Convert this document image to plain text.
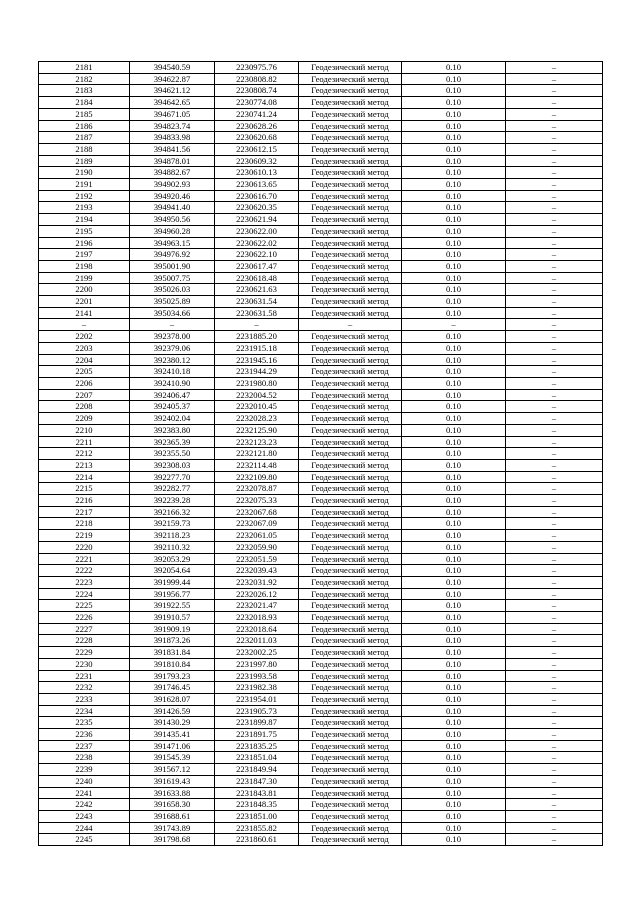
2181	394540.59	2230975.76	Геодезический метод	0.10	–
2182	394622.87	2230808.82	Геодезический метод	0.10	–
2183	394621.12	2230808.74	Геодезический метод	0.10	–
2184	394642.65	2230774.08	Геодезический метод	0.10	–
2185	394671.05	2230741.24	Геодезический метод	0.10	–
2186	394823.74	2230628.26	Геодезический метод	0.10	–
2187	394833.98	2230620.68	Геодезический метод	0.10	–
2188	394841.56	2230612.15	Геодезический метод	0.10	–
2189	394878.01	2230609.32	Геодезический метод	0.10	–
2190	394882.67	2230610.13	Геодезический метод	0.10	–
2191	394902.93	2230613.65	Геодезический метод	0.10	–
2192	394920.46	2230616.70	Геодезический метод	0.10	–
2193	394941.40	2230620.35	Геодезический метод	0.10	–
2194	394950.56	2230621.94	Геодезический метод	0.10	–
2195	394960.28	2230622.00	Геодезический метод	0.10	–
2196	394963.15	2230622.02	Геодезический метод	0.10	–
2197	394976.92	2230622.10	Геодезический метод	0.10	–
2198	395001.90	2230617.47	Геодезический метод	0.10	–
2199	395007.75	2230618.48	Геодезический метод	0.10	–
2200	395026.03	2230621.63	Геодезический метод	0.10	–
2201	395025.89	2230631.54	Геодезический метод	0.10	–
2141	395034.66	2230631.58	Геодезический метод	0.10	–
–	–	–	–	–	–
2202	392378.00	2231885.20	Геодезический метод	0.10	–
2203	392379.06	2231915.18	Геодезический метод	0.10	–
2204	392380.12	2231945.16	Геодезический метод	0.10	–
2205	392410.18	2231944.29	Геодезический метод	0.10	–
2206	392410.90	2231980.80	Геодезический метод	0.10	–
2207	392406.47	2232004.52	Геодезический метод	0.10	–
2208	392405.37	2232010.45	Геодезический метод	0.10	–
2209	392402.04	2232028.23	Геодезический метод	0.10	–
2210	392383.80	2232125.90	Геодезический метод	0.10	–
2211	392365.39	2232123.23	Геодезический метод	0.10	–
2212	392355.50	2232121.80	Геодезический метод	0.10	–
2213	392308.03	2232114.48	Геодезический метод	0.10	–
2214	392277.70	2232109.80	Геодезический метод	0.10	–
2215	392282.77	2232078.87	Геодезический метод	0.10	–
2216	392239.28	2232075.33	Геодезический метод	0.10	–
2217	392166.32	2232067.68	Геодезический метод	0.10	–
2218	392159.73	2232067.09	Геодезический метод	0.10	–
2219	392118.23	2232061.05	Геодезический метод	0.10	–
2220	392110.32	2232059.90	Геодезический метод	0.10	–
2221	392053.29	2232051.59	Геодезический метод	0.10	–
2222	392054.64	2232039.43	Геодезический метод	0.10	–
2223	391999.44	2232031.92	Геодезический метод	0.10	–
2224	391956.77	2232026.12	Геодезический метод	0.10	–
2225	391922.55	2232021.47	Геодезический метод	0.10	–
2226	391910.57	2232018.93	Геодезический метод	0.10	–
2227	391909.19	2232018.64	Геодезический метод	0.10	–
2228	391873.26	2232011.03	Геодезический метод	0.10	–
2229	391831.84	2232002.25	Геодезический метод	0.10	–
2230	391810.84	2231997.80	Геодезический метод	0.10	–
2231	391793.23	2231993.58	Геодезический метод	0.10	–
2232	391746.45	2231982.38	Геодезический метод	0.10	–
2233	391628.07	2231954.01	Геодезический метод	0.10	–
2234	391426.59	2231905.73	Геодезический метод	0.10	–
2235	391430.29	2231899.87	Геодезический метод	0.10	–
2236	391435.41	2231891.75	Геодезический метод	0.10	–
2237	391471.06	2231835.25	Геодезический метод	0.10	–
2238	391545.39	2231851.04	Геодезический метод	0.10	–
2239	391567.12	2231849.94	Геодезический метод	0.10	–
2240	391619.43	2231847.30	Геодезический метод	0.10	–
2241	391633.88	2231843.81	Геодезический метод	0.10	–
2242	391658.30	2231848.35	Геодезический метод	0.10	–
2243	391688.61	2231851.00	Геодезический метод	0.10	–
2244	391743.89	2231855.82	Геодезический метод	0.10	–
2245	391798.68	2231860.61	Геодезический метод	0.10	–
